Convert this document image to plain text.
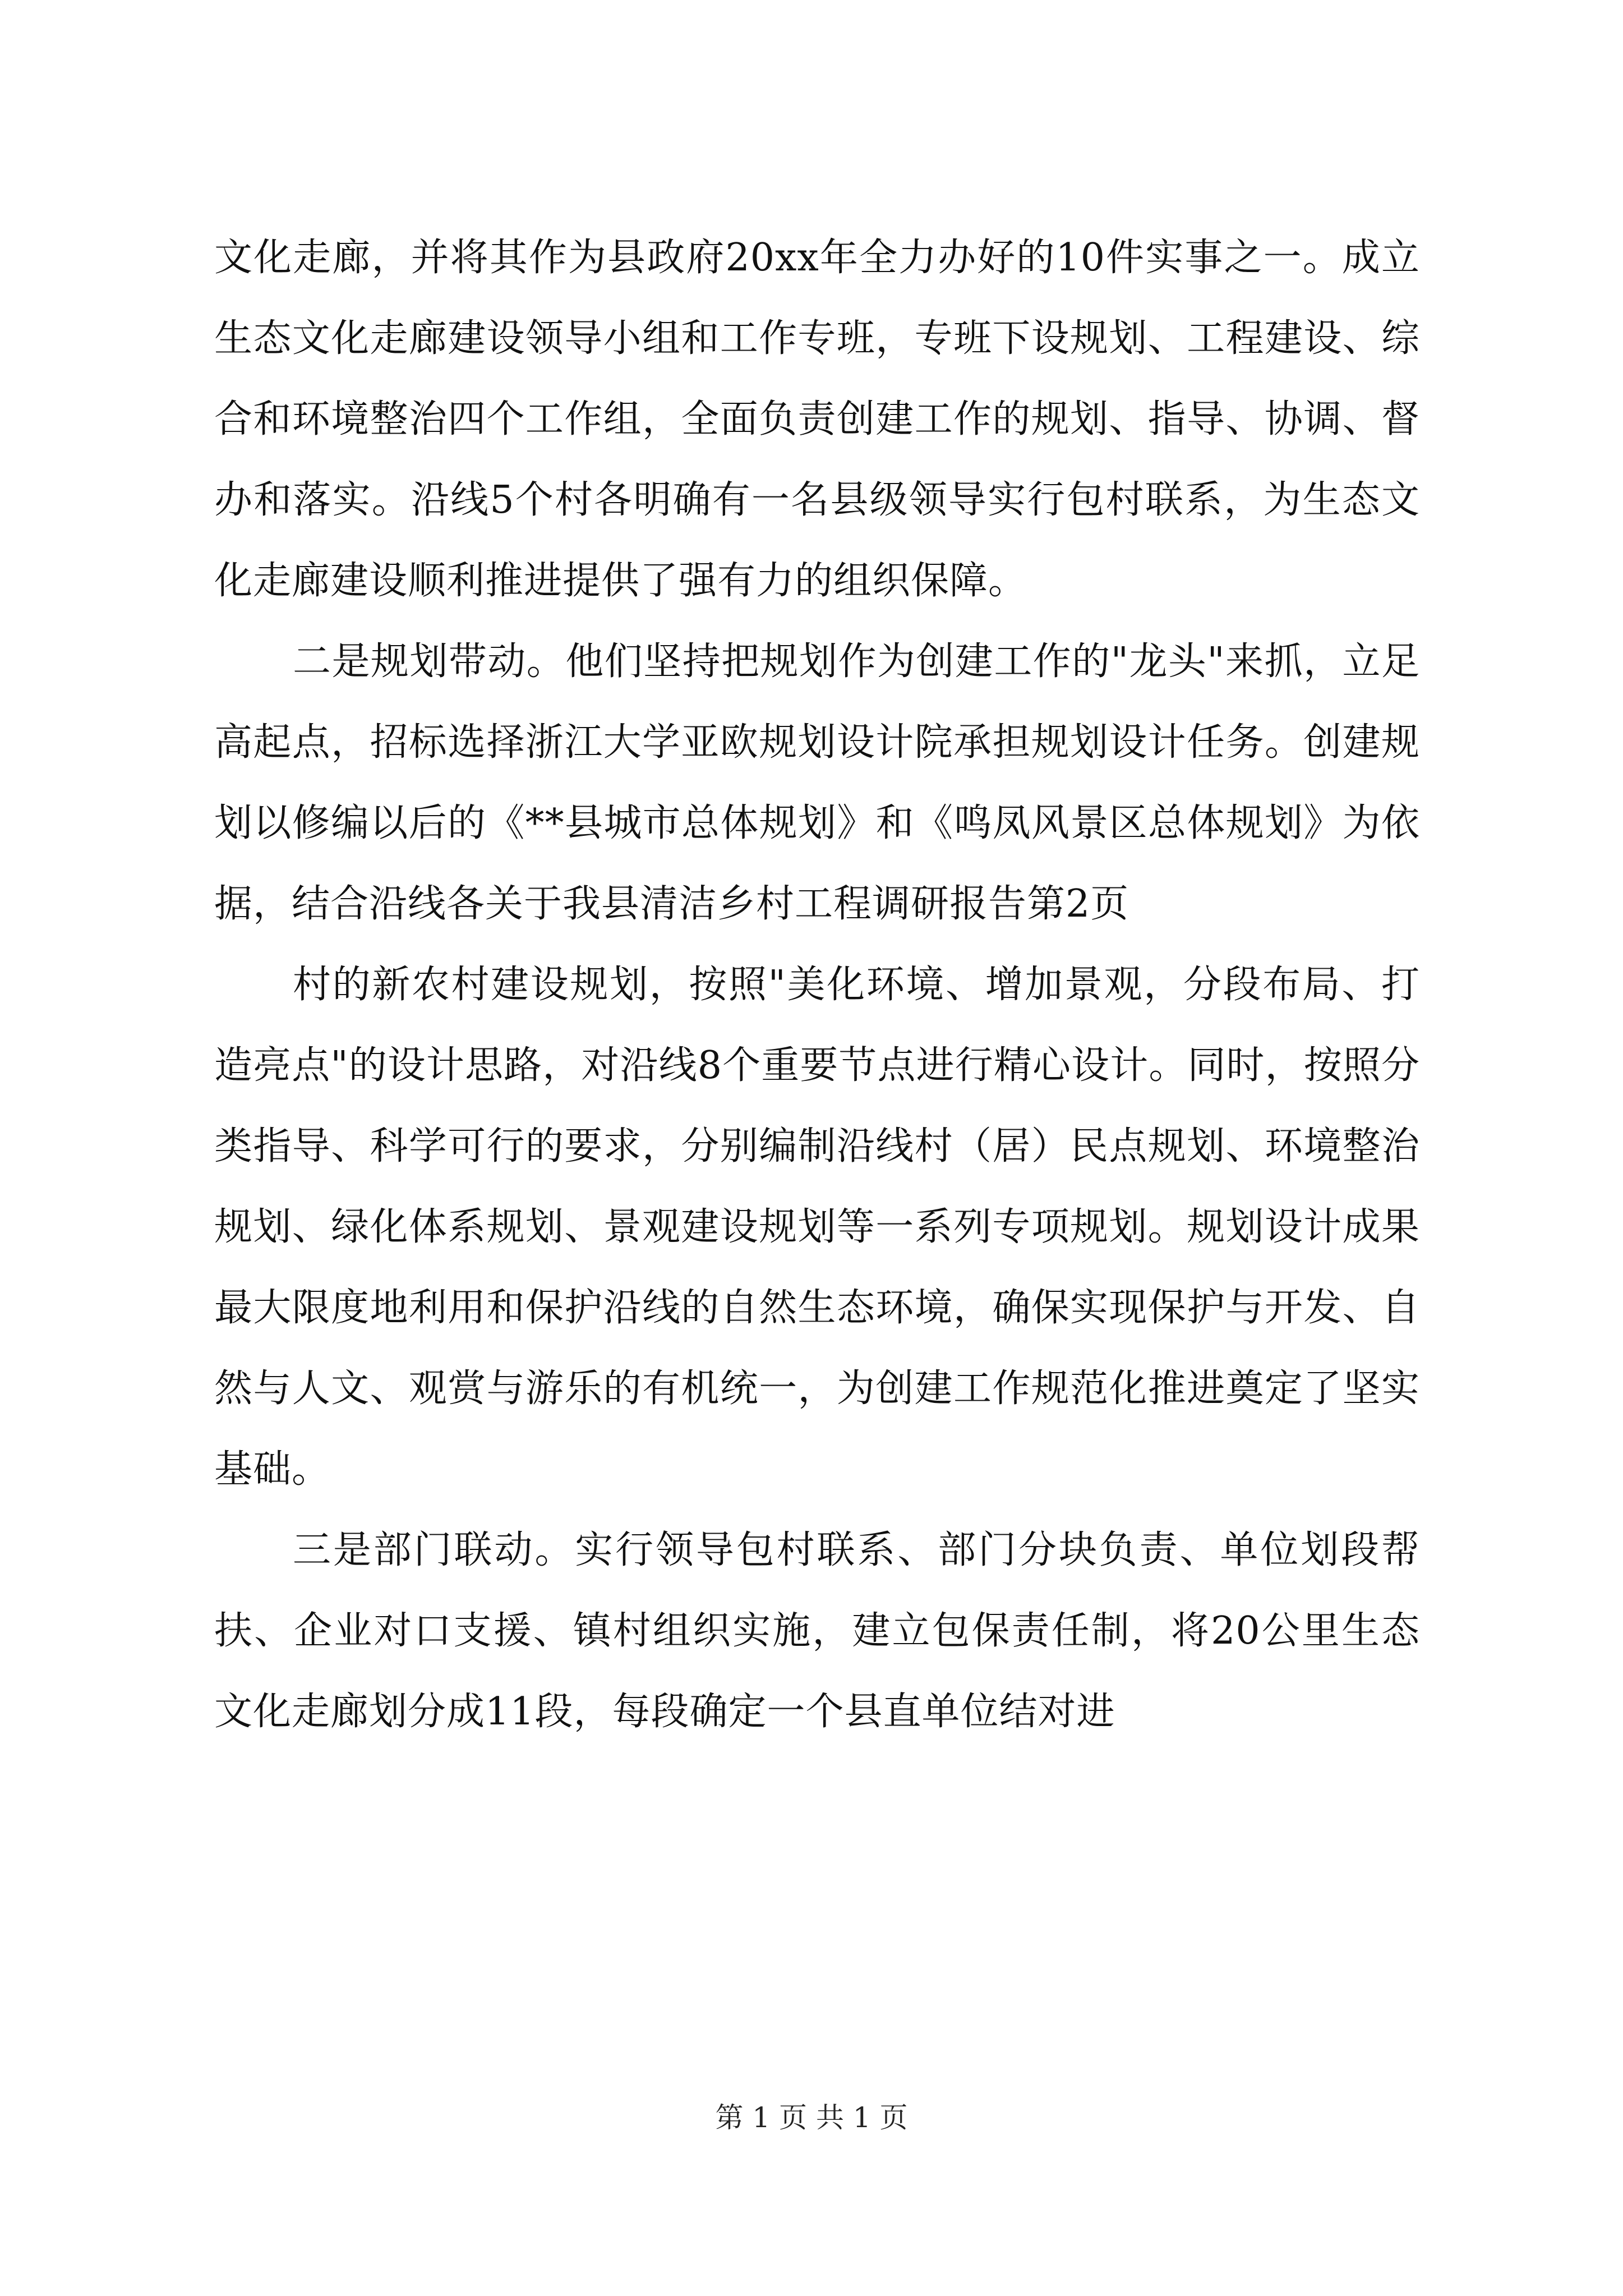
文化走廊，并将其作为县政府20xx年全力办好的10件实事之一。成立生态文化走廊建设领导小组和工作专班，专班下设规划、工程建设、综合和环境整治四个工作组，全面负责创建工作的规划、指导、协调、督办和落实。沿线5个村各明确有一名县级领导实行包村联系，为生态文化走廊建设顺利推进提供了强有力的组织保障。

二是规划带动。他们坚持把规划作为创建工作的"龙头"来抓，立足高起点，招标选择浙江大学亚欧规划设计院承担规划设计任务。创建规划以修编以后的《**县城市总体规划》和《鸣凤风景区总体规划》为依据，结合沿线各关于我县清洁乡村工程调研报告第2页

村的新农村建设规划，按照"美化环境、增加景观，分段布局、打造亮点"的设计思路，对沿线8个重要节点进行精心设计。同时，按照分类指导、科学可行的要求，分别编制沿线村（居）民点规划、环境整治规划、绿化体系规划、景观建设规划等一系列专项规划。规划设计成果最大限度地利用和保护沿线的自然生态环境，确保实现保护与开发、自然与人文、观赏与游乐的有机统一，为创建工作规范化推进奠定了坚实基础。

三是部门联动。实行领导包村联系、部门分块负责、单位划段帮扶、企业对口支援、镇村组织实施，建立包保责任制，将20公里生态文化走廊划分成11段，每段确定一个县直单位结对进

第 1 页 共 1 页
